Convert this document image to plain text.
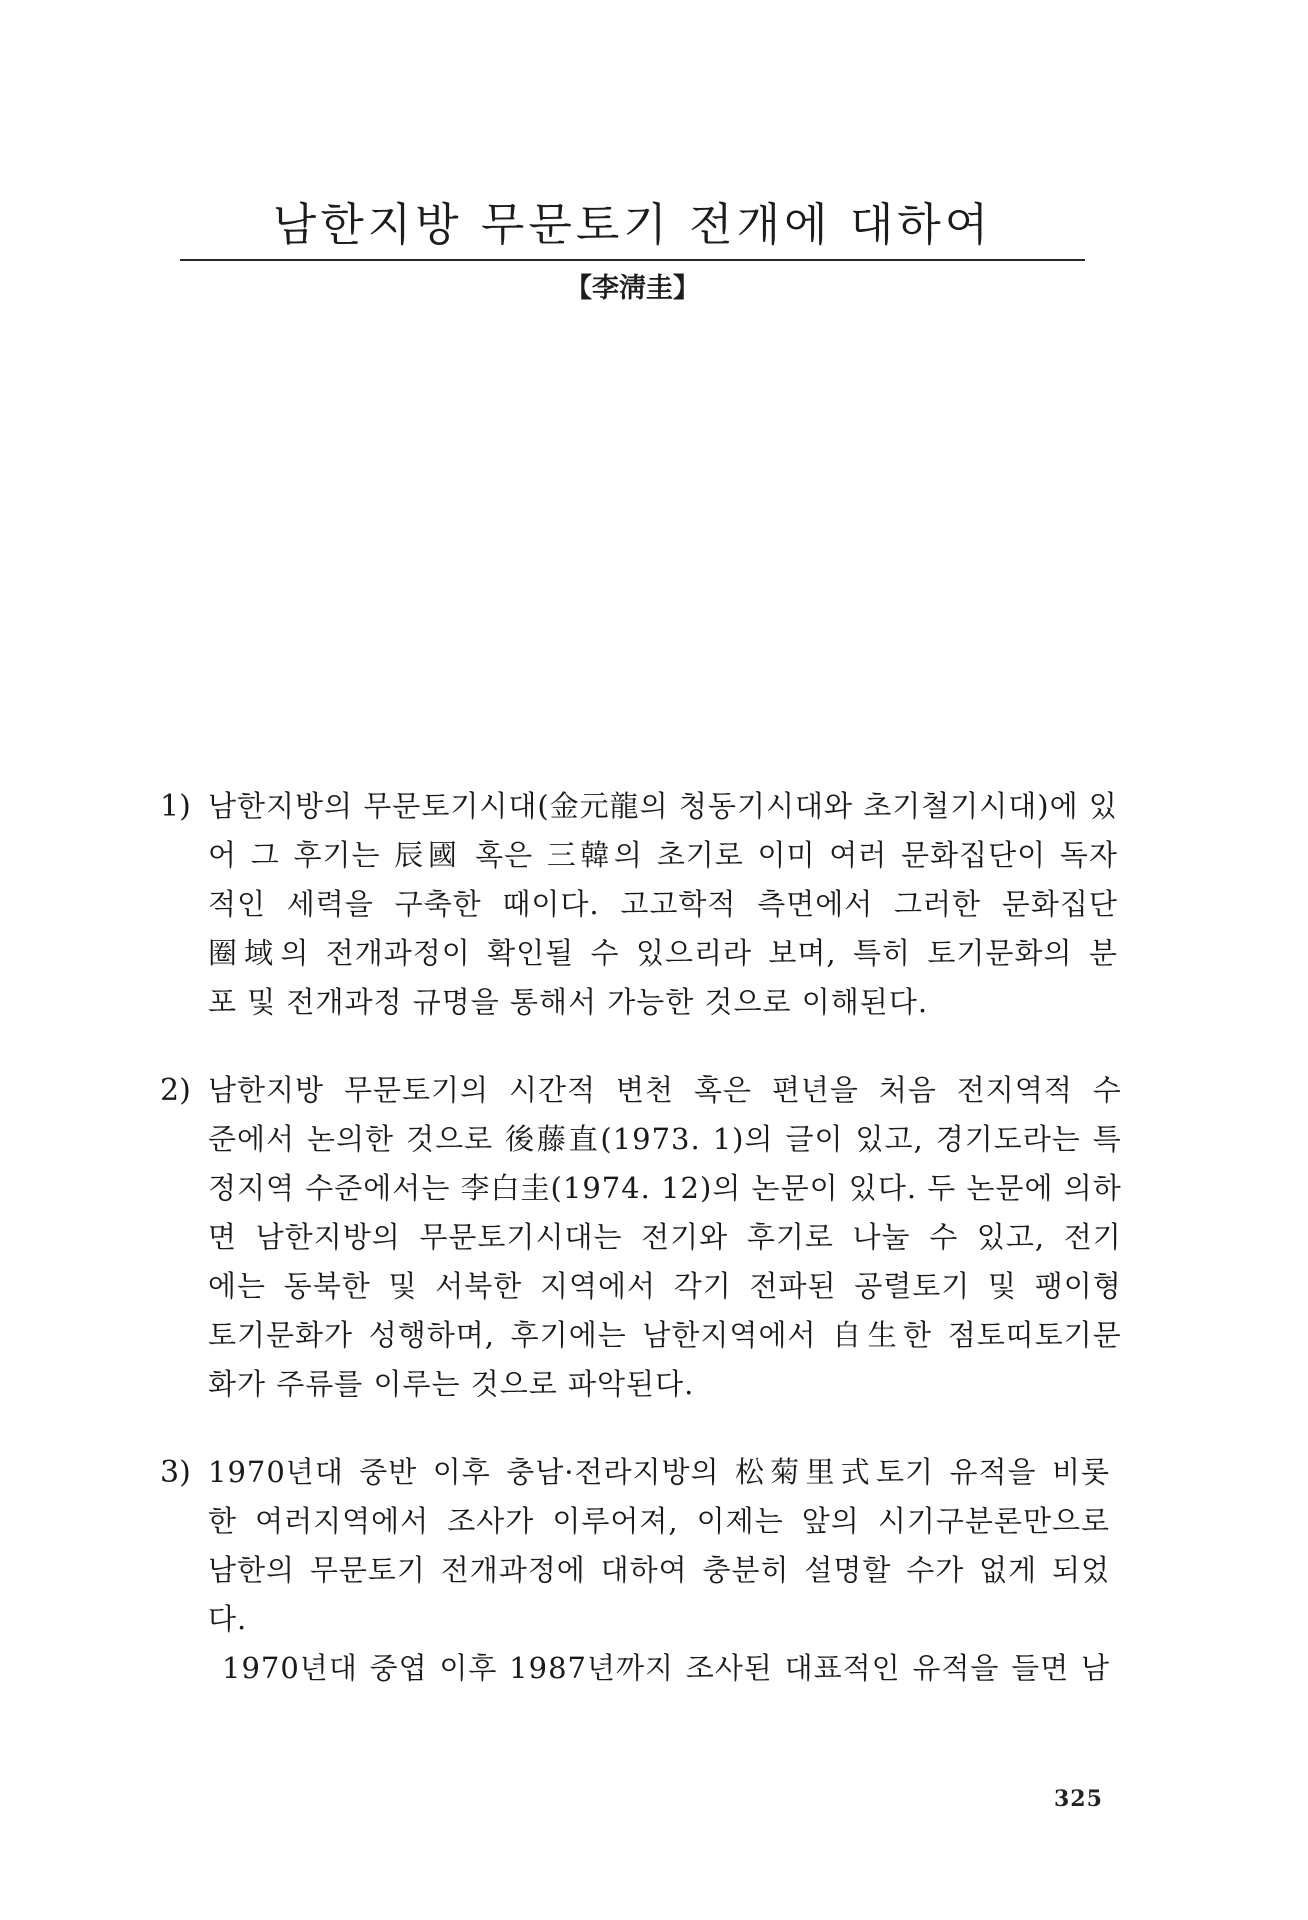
남한지방 무문토기 전개에 대하여
【李淸圭】
1) 남한지방의 무문토기시대(金元龍의 청동기시대와 초기철기시대)에 있
어 그 후기는 辰國 혹은 三韓의 초기로 이미 여러 문화집단이 독자
적인 세력을 구축한 때이다. 고고학적 측면에서 그러한 문화집단
圈域의 전개과정이 확인될 수 있으리라 보며, 특히 토기문화의 분
포 및 전개과정 규명을 통해서 가능한 것으로 이해된다.
2) 남한지방 무문토기의 시간적 변천 혹은 편년을 처음 전지역적 수
준에서 논의한 것으로 後藤直(1973. 1)의 글이 있고, 경기도라는 특
정지역 수준에서는 李白圭(1974. 12)의 논문이 있다. 두 논문에 의하
면 남한지방의 무문토기시대는 전기와 후기로 나눌 수 있고, 전기
에는 동북한 및 서북한 지역에서 각기 전파된 공렬토기 및 팽이형
토기문화가 성행하며, 후기에는 남한지역에서 自生한 점토띠토기문
화가 주류를 이루는 것으로 파악된다.
3) 1970년대 중반 이후 충남·전라지방의 松菊里式토기 유적을 비롯
한 여러지역에서 조사가 이루어져, 이제는 앞의 시기구분론만으로
남한의 무문토기 전개과정에 대하여 충분히 설명할 수가 없게 되었
다.
1970년대 중엽 이후 1987년까지 조사된 대표적인 유적을 들면 남
325
